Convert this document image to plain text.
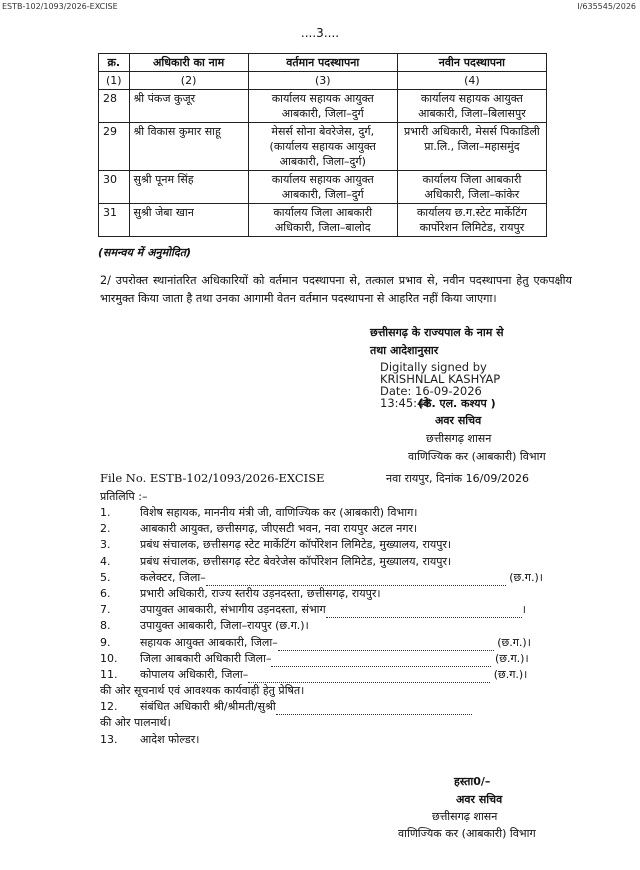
ESTB-102/1093/2026-EXCISE	I/635545/2026
....3....
क्र.	अधिकारी का नाम	वर्तमान पदस्थापना	नवीन पदस्थापना
(1)	(2)	(3)	(4)
28	श्री पंकज कुजूर	कार्यालय सहायक आयुक्त आबकारी, जिला–दुर्ग	कार्यालय सहायक आयुक्त आबकारी, जिला–बिलासपुर
29	श्री विकास कुमार साहू	मेसर्स सोना बेवरेजेस, दुर्ग, (कार्यालय सहायक आयुक्त आबकारी, जिला–दुर्ग)	प्रभारी अधिकारी, मेसर्स पिकाडिली प्रा.लि., जिला–महासमुंद
30	सुश्री पूनम सिंह	कार्यालय सहायक आयुक्त आबकारी, जिला–दुर्ग	कार्यालय जिला आबकारी अधिकारी, जिला–कांकेर
31	सुश्री जेबा खान	कार्यालय जिला आबकारी अधिकारी, जिला–बालोद	कार्यालय छ.ग.स्टेट मार्केटिंग कार्पोरेशन लिमिटेड, रायपुर
(समन्वय में अनुमोदित)
2/ उपरोक्त स्थानांतरित अधिकारियों को वर्तमान पदस्थापना से, तत्काल प्रभाव से, नवीन पदस्थापना हेतु एकपक्षीय भारमुक्त किया जाता है तथा उनका आगामी वेतन वर्तमान पदस्थापना से आहरित नहीं किया जाएगा।
छत्तीसगढ़ के राज्यपाल के नाम से
तथा आदेशानुसार
Digitally signed by
KRISHNLAL KASHYAP
Date: 16-09-2026
13:45:48
(के. एल. कश्यप )
अवर सचिव
छत्तीसगढ़ शासन
वाणिज्यिक कर (आबकारी) विभाग
File No. ESTB-102/1093/2026-EXCISE	नवा रायपुर, दिनांक 16/09/2026
प्रतिलिपि :–
1.	विशेष सहायक, माननीय मंत्री जी, वाणिज्यिक कर (आबकारी) विभाग।
2.	आबकारी आयुक्त, छत्तीसगढ़, जीएसटी भवन, नवा रायपुर अटल नगर।
3.	प्रबंध संचालक, छत्तीसगढ़ स्टेट मार्केटिंग कॉर्पोरेशन लिमिटेड, मुख्यालय, रायपुर।
4.	प्रबंध संचालक, छत्तीसगढ़ स्टेट बेवरेजेस कॉर्पोरेशन लिमिटेड, मुख्यालय, रायपुर।
5.	कलेक्टर, जिला–	(छ.ग.)।
6.	प्रभारी अधिकारी, राज्य स्तरीय उड़नदस्ता, छत्तीसगढ़, रायपुर।
7.	उपायुक्त आबकारी, संभागीय उड़नदस्ता, संभाग	।
8.	उपायुक्त आबकारी, जिला–रायपुर (छ.ग.)।
9.	सहायक आयुक्त आबकारी, जिला–	(छ.ग.)।
10.	जिला आबकारी अधिकारी जिला–	(छ.ग.)।
11.	कोपालय अधिकारी, जिला–	(छ.ग.)।
की ओर सूचनार्थ एवं आवश्यक कार्यवाही हेतु प्रेषित।
12.	संबंधित अधिकारी श्री/श्रीमती/सुश्री
की ओर पालनार्थ।
13.	आदेश फोल्डर।
हस्ता0/–
अवर सचिव
छत्तीसगढ़ शासन
वाणिज्यिक कर (आबकारी) विभाग
